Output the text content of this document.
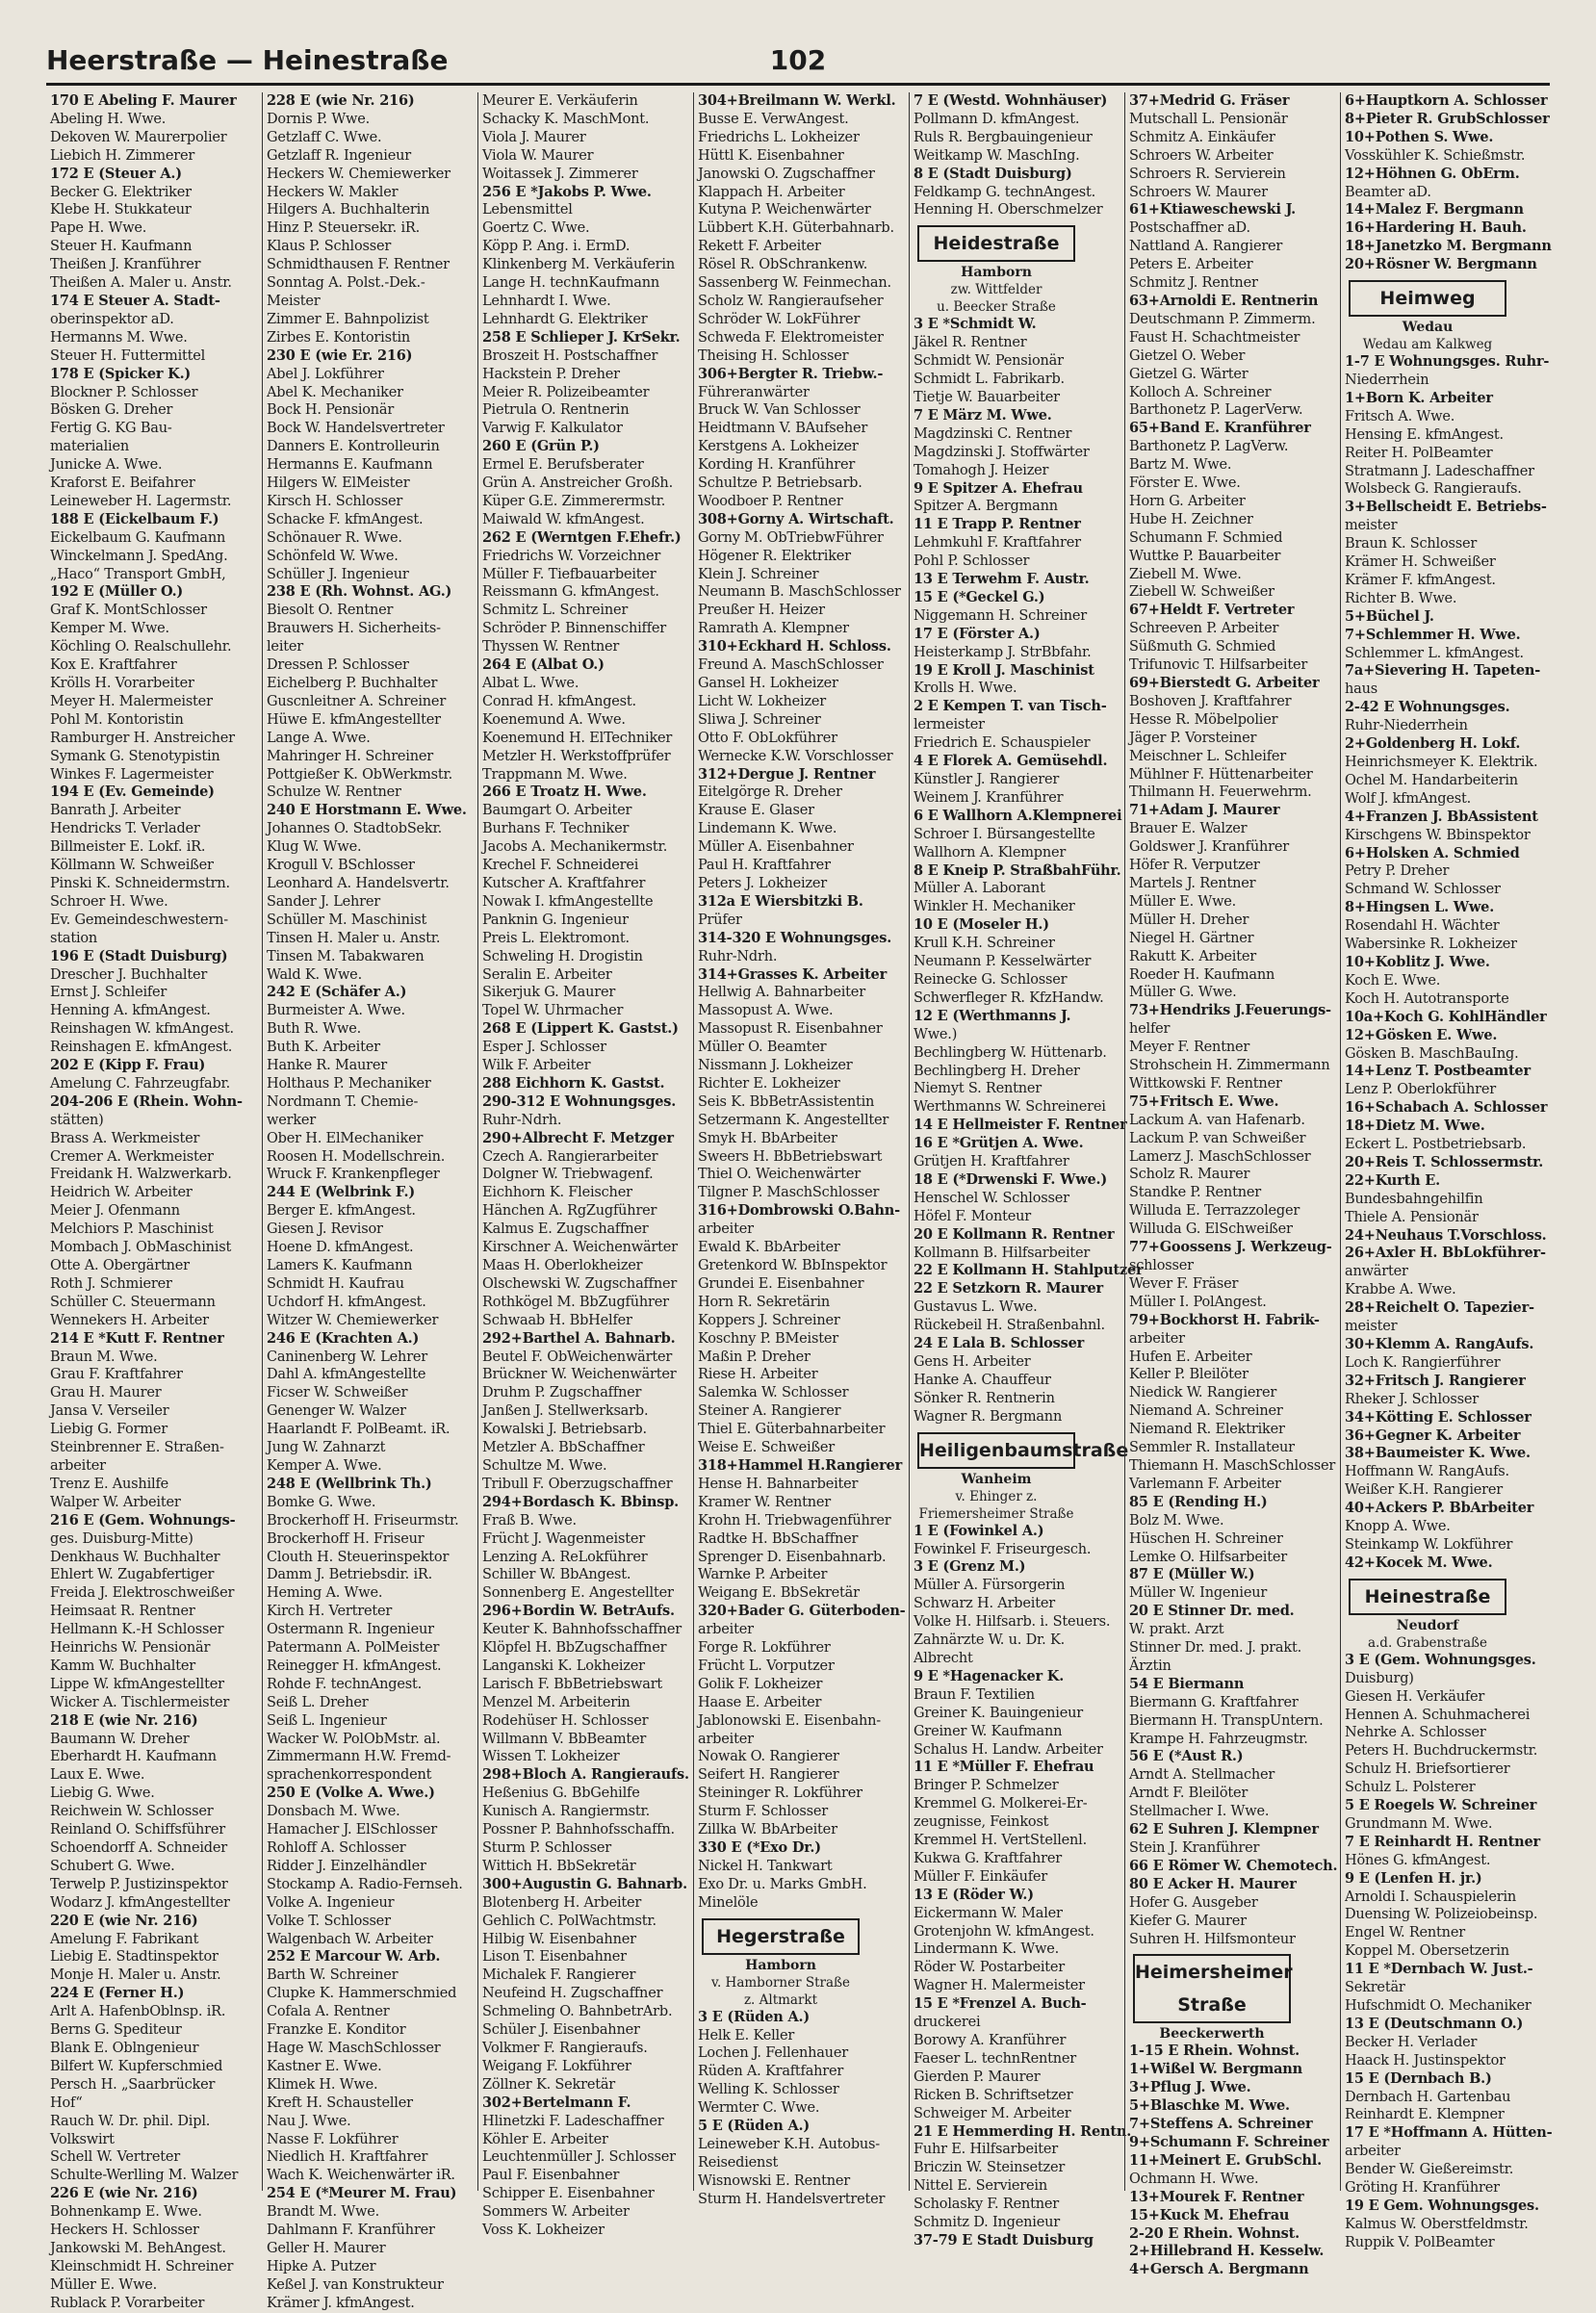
Heerstraße — Heinestraße	102
170 E Abeling F. Maurer
Abeling H. Wwe.
Dekoven W. Maurerpolier
Liebich H. Zimmerer
172 E (Steuer A.)
Becker G. Elektriker
Klebe H. Stukkateur
Pape H. Wwe.
Steuer H. Kaufmann
Theißen J. Kranführer
Theißen A. Maler u. Anstr.
174 E Steuer A. Stadt-
oberinspektor aD.
Hermanns M. Wwe.
Steuer H. Futtermittel
178 E (Spicker K.)
Blockner P. Schlosser
Bösken G. Dreher
Fertig G. KG Bau-
materialien
Junicke A. Wwe.
Kraforst E. Beifahrer
Leineweber H. Lagermstr.
188 E (Eickelbaum F.)
Eickelbaum G. Kaufmann
Winckelmann J. SpedAng.
„Haco“ Transport GmbH,
192 E (Müller O.)
Graf K. MontSchlosser
Kemper M. Wwe.
Köchling O. Realschullehr.
Kox E. Kraftfahrer
Krölls H. Vorarbeiter
Meyer H. Malermeister
Pohl M. Kontoristin
Ramburger H. Anstreicher
Symank G. Stenotypistin
Winkes F. Lagermeister
194 E (Ev. Gemeinde)
Banrath J. Arbeiter
Hendricks T. Verlader
Billmeister E. Lokf. iR.
Köllmann W. Schweißer
Pinski K. Schneidermstrn.
Schroer H. Wwe.
Ev. Gemeindeschwestern-
station
196 E (Stadt Duisburg)
Drescher J. Buchhalter
Ernst J. Schleifer
Henning A. kfmAngest.
Reinshagen W. kfmAngest.
Reinshagen E. kfmAngest.
202 E (Kipp F. Frau)
Amelung C. Fahrzeugfabr.
204-206 E (Rhein. Wohn-
stätten)
Brass A. Werkmeister
Cremer A. Werkmeister
Freidank H. Walzwerkarb.
Heidrich W. Arbeiter
Meier J. Ofenmann
Melchiors P. Maschinist
Mombach J. ObMaschinist
Otte A. Obergärtner
Roth J. Schmierer
Schüller C. Steuermann
Wennekers H. Arbeiter
214 E *Kutt F. Rentner
Braun M. Wwe.
Grau F. Kraftfahrer
Grau H. Maurer
Jansa V. Verseiler
Liebig G. Former
Steinbrenner E. Straßen-
arbeiter
Trenz E. Aushilfe
Walper W. Arbeiter
216 E (Gem. Wohnungs-
ges. Duisburg-Mitte)
Denkhaus W. Buchhalter
Ehlert W. Zugabfertiger
Freida J. Elektroschweißer
Heimsaat R. Rentner
Hellmann K.-H Schlosser
Heinrichs W. Pensionär
Kamm W. Buchhalter
Lippe W. kfmAngestellter
Wicker A. Tischlermeister
218 E (wie Nr. 216)
Baumann W. Dreher
Eberhardt H. Kaufmann
Laux E. Wwe.
Liebig G. Wwe.
Reichwein W. Schlosser
Reinland O. Schiffsführer
Schoendorff A. Schneider
Schubert G. Wwe.
Terwelp P. Justizinspektor
Wodarz J. kfmAngestellter
220 E (wie Nr. 216)
Amelung F. Fabrikant
Liebig E. Stadtinspektor
Monje H. Maler u. Anstr.
224 E (Ferner H.)
Arlt A. HafenbOblnsp. iR.
Berns G. Spediteur
Blank E. Oblngenieur
Bilfert W. Kupferschmied
Persch H. „Saarbrücker
Hof“
Rauch W. Dr. phil. Dipl.
Volkswirt
Schell W. Vertreter
Schulte-Werlling M. Walzer
226 E (wie Nr. 216)
Bohnenkamp E. Wwe.
Heckers H. Schlosser
Jankowski M. BehAngest.
Kleinschmidt H. Schreiner
Müller E. Wwe.
Rublack P. Vorarbeiter
228 E (wie Nr. 216)
Dornis P. Wwe.
Getzlaff C. Wwe.
Getzlaff R. Ingenieur
Heckers W. Chemiewerker
Heckers W. Makler
Hilgers A. Buchhalterin
Hinz P. Steuersekr. iR.
Klaus P. Schlosser
Schmidthausen F. Rentner
Sonntag A. Polst.-Dek.-
Meister
Zimmer E. Bahnpolizist
Zirbes E. Kontoristin
230 E (wie Er. 216)
Abel J. Lokführer
Abel K. Mechaniker
Bock H. Pensionär
Bock W. Handelsvertreter
Danners E. Kontrolleurin
Hermanns E. Kaufmann
Hilgers W. ElMeister
Kirsch H. Schlosser
Schacke F. kfmAngest.
Schönauer R. Wwe.
Schönfeld W. Wwe.
Schüller J. Ingenieur
238 E (Rh. Wohnst. AG.)
Biesolt O. Rentner
Brauwers H. Sicherheits-
leiter
Dressen P. Schlosser
Eichelberg P. Buchhalter
Guscnleitner A. Schreiner
Hüwe E. kfmAngestellter
Lange A. Wwe.
Mahringer H. Schreiner
Pottgießer K. ObWerkmstr.
Schulze W. Rentner
240 E Horstmann E. Wwe.
Johannes O. StadtobSekr.
Klug W. Wwe.
Krogull V. BSchlosser
Leonhard A. Handelsvertr.
Sander J. Lehrer
Schüller M. Maschinist
Tinsen H. Maler u. Anstr.
Tinsen M. Tabakwaren
Wald K. Wwe.
242 E (Schäfer A.)
Burmeister A. Wwe.
Buth R. Wwe.
Buth K. Arbeiter
Hanke R. Maurer
Holthaus P. Mechaniker
Nordmann T. Chemie-
werker
Ober H. ElMechaniker
Roosen H. Modellschrein.
Wruck F. Krankenpfleger
244 E (Welbrink F.)
Berger E. kfmAngest.
Giesen J. Revisor
Hoene D. kfmAngest.
Lamers K. Kaufmann
Schmidt H. Kaufrau
Uchdorf H. kfmAngest.
Witzer W. Chemiewerker
246 E (Krachten A.)
Caninenberg W. Lehrer
Dahl A. kfmAngestellte
Ficser W. Schweißer
Genenger W. Walzer
Haarlandt F. PolBeamt. iR.
Jung W. Zahnarzt
Kemper A. Wwe.
248 E (Wellbrink Th.)
Bomke G. Wwe.
Brockerhoff H. Friseurmstr.
Brockerhoff H. Friseur
Clouth H. Steuerinspektor
Damm J. Betriebsdir. iR.
Heming A. Wwe.
Kirch H. Vertreter
Ostermann R. Ingenieur
Patermann A. PolMeister
Reinegger H. kfmAngest.
Rohde F. technAngest.
Seiß L. Dreher
Seiß L. Ingenieur
Wacker W. PolObMstr. al.
Zimmermann H.W. Fremd-
sprachenkorrespondent
250 E (Volke A. Wwe.)
Donsbach M. Wwe.
Hamacher J. ElSchlosser
Rohloff A. Schlosser
Ridder J. Einzelhändler
Stockamp A. Radio-Fernseh.
Volke A. Ingenieur
Volke T. Schlosser
Walgenbach W. Arbeiter
252 E Marcour W. Arb.
Barth W. Schreiner
Clupke K. Hammerschmied
Cofala A. Rentner
Franzke E. Konditor
Hage W. MaschSchlosser
Kastner E. Wwe.
Klimek H. Wwe.
Kreft H. Schausteller
Nau J. Wwe.
Nasse F. Lokführer
Niedlich H. Kraftfahrer
Wach K. Weichenwärter iR.
254 E (*Meurer M. Frau)
Brandt M. Wwe.
Dahlmann F. Kranführer
Geller H. Maurer
Hipke A. Putzer
Keßel J. van Konstrukteur
Krämer J. kfmAngest.
Meurer E. Verkäuferin
Schacky K. MaschMont.
Viola J. Maurer
Viola W. Maurer
Woitassek J. Zimmerer
256 E *Jakobs P. Wwe.
Lebensmittel
Goertz C. Wwe.
Köpp P. Ang. i. ErmD.
Klinkenberg M. Verkäuferin
Lange H. technKaufmann
Lehnhardt I. Wwe.
Lehnhardt G. Elektriker
258 E Schlieper J. KrSekr.
Broszeit H. Postschaffner
Hackstein P. Dreher
Meier R. Polizeibeamter
Pietrula O. Rentnerin
Varwig F. Kalkulator
260 E (Grün P.)
Ermel E. Berufsberater
Grün A. Anstreicher Großh.
Küper G.E. Zimmerermstr.
Maiwald W. kfmAngest.
262 E (Werntgen F.Ehefr.)
Friedrichs W. Vorzeichner
Müller F. Tiefbauarbeiter
Reissmann G. kfmAngest.
Schmitz L. Schreiner
Schröder P. Binnenschiffer
Thyssen W. Rentner
264 E (Albat O.)
Albat L. Wwe.
Conrad H. kfmAngest.
Koenemund A. Wwe.
Koenemund H. ElTechniker
Metzler H. Werkstoffprüfer
Trappmann M. Wwe.
266 E Troatz H. Wwe.
Baumgart O. Arbeiter
Burhans F. Techniker
Jacobs A. Mechanikermstr.
Krechel F. Schneiderei
Kutscher A. Kraftfahrer
Nowak I. kfmAngestellte
Panknin G. Ingenieur
Preis L. Elektromont.
Schweling H. Drogistin
Seralin E. Arbeiter
Sikerjuk G. Maurer
Topel W. Uhrmacher
268 E (Lippert K. Gastst.)
Esper J. Schlosser
Wilk F. Arbeiter
288 Eichhorn K. Gastst.
290-312 E Wohnungsges.
Ruhr-Ndrh.
290+Albrecht F. Metzger
Czech A. Rangierarbeiter
Dolgner W. Triebwagenf.
Eichhorn K. Fleischer
Hänchen A. RgZugführer
Kalmus E. Zugschaffner
Kirschner A. Weichenwärter
Maas H. Oberlokheizer
Olschewski W. Zugschaffner
Rothkögel M. BbZugführer
Schwaab H. BbHelfer
292+Barthel A. Bahnarb.
Beutel F. ObWeichenwärter
Brückner W. Weichenwärter
Druhm P. Zugschaffner
Janßen J. Stellwerksarb.
Kowalski J. Betriebsarb.
Metzler A. BbSchaffner
Schultze M. Wwe.
Tribull F. Oberzugschaffner
294+Bordasch K. Bbinsp.
Fraß B. Wwe.
Frücht J. Wagenmeister
Lenzing A. ReLokführer
Schiller W. BbAngest.
Sonnenberg E. Angestellter
296+Bordin W. BetrAufs.
Keuter K. Bahnhofsschaffner
Klöpfel H. BbZugschaffner
Langanski K. Lokheizer
Larisch F. BbBetriebswart
Menzel M. Arbeiterin
Rodehüser H. Schlosser
Willmann V. BbBeamter
Wissen T. Lokheizer
298+Bloch A. Rangieraufs.
Heßenius G. BbGehilfe
Kunisch A. Rangiermstr.
Possner P. Bahnhofsschaffn.
Sturm P. Schlosser
Wittich H. BbSekretär
300+Augustin G. Bahnarb.
Blotenberg H. Arbeiter
Gehlich C. PolWachtmstr.
Hilbig W. Eisenbahner
Lison T. Eisenbahner
Michalek F. Rangierer
Neufeind H. Zugschaffner
Schmeling O. BahnbetrArb.
Schüler J. Eisenbahner
Volkmer F. Rangieraufs.
Weigang F. Lokführer
Zöllner K. Sekretär
302+Bertelmann F.
Hlinetzki F. Ladeschaffner
Köhler E. Arbeiter
Leuchtenmüller J. Schlosser
Paul F. Eisenbahner
Schipper E. Eisenbahner
Sommers W. Arbeiter
Voss K. Lokheizer
304+Breilmann W. Werkl.
Busse E. VerwAngest.
Friedrichs L. Lokheizer
Hüttl K. Eisenbahner
Janowski O. Zugschaffner
Klappach H. Arbeiter
Kutyna P. Weichenwärter
Lübbert K.H. Güterbahnarb.
Rekett F. Arbeiter
Rösel R. ObSchrankenw.
Sassenberg W. Feinmechan.
Scholz W. Rangieraufseher
Schröder W. LokFührer
Schweda F. Elektromeister
Theising H. Schlosser
306+Bergter R. Triebw.-
Führeranwärter
Bruck W. Van Schlosser
Heidtmann V. BAufseher
Kerstgens A. Lokheizer
Kording H. Kranführer
Schultze P. Betriebsarb.
Woodboer P. Rentner
308+Gorny A. Wirtschaft.
Gorny M. ObTriebwFührer
Högener R. Elektriker
Klein J. Schreiner
Neumann B. MaschSchlosser
Preußer H. Heizer
Ramrath A. Klempner
310+Eckhard H. Schloss.
Freund A. MaschSchlosser
Gansel H. Lokheizer
Licht W. Lokheizer
Sliwa J. Schreiner
Otto F. ObLokführer
Wernecke K.W. Vorschlosser
312+Dergue J. Rentner
Eitelgörge R. Dreher
Krause E. Glaser
Lindemann K. Wwe.
Müller A. Eisenbahner
Paul H. Kraftfahrer
Peters J. Lokheizer
312a E Wiersbitzki B.
Prüfer
314-320 E Wohnungsges.
Ruhr-Ndrh.
314+Grasses K. Arbeiter
Hellwig A. Bahnarbeiter
Massopust A. Wwe.
Massopust R. Eisenbahner
Müller O. Beamter
Nissmann J. Lokheizer
Richter E. Lokheizer
Seis K. BbBetrAssistentin
Setzermann K. Angestellter
Smyk H. BbArbeiter
Sweers H. BbBetriebswart
Thiel O. Weichenwärter
Tilgner P. MaschSchlosser
316+Dombrowski O.Bahn-
arbeiter
Ewald K. BbArbeiter
Gretenkord W. BbInspektor
Grundei E. Eisenbahner
Horn R. Sekretärin
Koppers J. Schreiner
Koschny P. BMeister
Maßin P. Dreher
Riese H. Arbeiter
Salemka W. Schlosser
Steiner A. Rangierer
Thiel E. Güterbahnarbeiter
Weise E. Schweißer
318+Hammel H.Rangierer
Hense H. Bahnarbeiter
Kramer W. Rentner
Krohn H. Triebwagenführer
Radtke H. BbSchaffner
Sprenger D. Eisenbahnarb.
Warnke P. Arbeiter
Weigang E. BbSekretär
320+Bader G. Güterboden-
arbeiter
Forge R. Lokführer
Frücht L. Vorputzer
Golik F. Lokheizer
Haase E. Arbeiter
Jablonowski E. Eisenbahn-
arbeiter
Nowak O. Rangierer
Seifert H. Rangierer
Steininger R. Lokführer
Sturm F. Schlosser
Zillka W. BbArbeiter
330 E (*Exo Dr.)
Nickel H. Tankwart
Exo Dr. u. Marks GmbH.
Minelöle
Hegerstraße
Hamborn
v. Hamborner Straße
z. Altmarkt
3 E (Rüden A.)
Helk E. Keller
Lochen J. Fellenhauer
Rüden A. Kraftfahrer
Welling K. Schlosser
Wermter C. Wwe.
5 E (Rüden A.)
Leineweber K.H. Autobus-
Reisedienst
Wisnowski E. Rentner
Sturm H. Handelsvertreter
7 E (Westd. Wohnhäuser)
Pollmann D. kfmAngest.
Ruls R. Bergbauingenieur
Weitkamp W. MaschIng.
8 E (Stadt Duisburg)
Feldkamp G. technAngest.
Henning H. Oberschmelzer
Heidestraße
Hamborn
zw. Wittfelder
u. Beecker Straße
3 E *Schmidt W.
Jäkel R. Rentner
Schmidt W. Pensionär
Schmidt L. Fabrikarb.
Tietje W. Bauarbeiter
7 E März M. Wwe.
Magdzinski C. Rentner
Magdzinski J. Stoffwärter
Tomahogh J. Heizer
9 E Spitzer A. Ehefrau
Spitzer A. Bergmann
11 E Trapp P. Rentner
Lehmkuhl F. Kraftfahrer
Pohl P. Schlosser
13 E Terwehm F. Austr.
15 E (*Geckel G.)
Niggemann H. Schreiner
17 E (Förster A.)
Heisterkamp J. StrBbfahr.
19 E Kroll J. Maschinist
Krolls H. Wwe.
2 E Kempen T. van Tisch-
lermeister
Friedrich E. Schauspieler
4 E Florek A. Gemüsehdl.
Künstler J. Rangierer
Weinem J. Kranführer
6 E Wallhorn A.Klempnerei
Schroer I. Bürsangestellte
Wallhorn A. Klempner
8 E Kneip P. StraßbahFühr.
Müller A. Laborant
Winkler H. Mechaniker
10 E (Moseler H.)
Krull K.H. Schreiner
Neumann P. Kesselwärter
Reinecke G. Schlosser
Schwerfleger R. KfzHandw.
12 E (Werthmanns J.
Wwe.)
Bechlingberg W. Hüttenarb.
Bechlingberg H. Dreher
Niemyt S. Rentner
Werthmanns W. Schreinerei
14 E Hellmeister F. Rentner
16 E *Grütjen A. Wwe.
Grütjen H. Kraftfahrer
18 E (*Drwenski F. Wwe.)
Henschel W. Schlosser
Höfel F. Monteur
20 E Kollmann R. Rentner
Kollmann B. Hilfsarbeiter
22 E Kollmann H. Stahlputzer
22 E Setzkorn R. Maurer
Gustavus L. Wwe.
Rückebeil H. Straßenbahnl.
24 E Lala B. Schlosser
Gens H. Arbeiter
Hanke A. Chauffeur
Sönker R. Rentnerin
Wagner R. Bergmann
Heiligenbaumstraße
Wanheim
v. Ehinger z.
Friemersheimer Straße
1 E (Fowinkel A.)
Fowinkel F. Friseurgesch.
3 E (Grenz M.)
Müller A. Fürsorgerin
Schwarz H. Arbeiter
Volke H. Hilfsarb. i. Steuers.
Zahnärzte W. u. Dr. K.
Albrecht
9 E *Hagenacker K.
Braun F. Textilien
Greiner K. Bauingenieur
Greiner W. Kaufmann
Schalus H. Landw. Arbeiter
11 E *Müller F. Ehefrau
Bringer P. Schmelzer
Kremmel G. Molkerei-Er-
zeugnisse, Feinkost
Kremmel H. VertStellenl.
Kukwa G. Kraftfahrer
Müller F. Einkäufer
13 E (Röder W.)
Eickermann W. Maler
Grotenjohn W. kfmAngest.
Lindermann K. Wwe.
Röder W. Postarbeiter
Wagner H. Malermeister
15 E *Frenzel A. Buch-
druckerei
Borowy A. Kranführer
Faeser L. technRentner
Gierden P. Maurer
Ricken B. Schriftsetzer
Schweiger M. Arbeiter
21 E Hemmerding H. Rentn.
Fuhr E. Hilfsarbeiter
Briczin W. Steinsetzer
Nittel E. Servierein
Scholasky F. Rentner
Schmitz D. Ingenieur
37-79 E Stadt Duisburg
37+Medrid G. Fräser
Mutschall L. Pensionär
Schmitz A. Einkäufer
Schroers W. Arbeiter
Schroers R. Servierein
Schroers W. Maurer
61+Ktiaweschewski J.
Postschaffner aD.
Nattland A. Rangierer
Peters E. Arbeiter
Schmitz J. Rentner
63+Arnoldi E. Rentnerin
Deutschmann P. Zimmerm.
Faust H. Schachtmeister
Gietzel O. Weber
Gietzel G. Wärter
Kolloch A. Schreiner
Barthonetz P. LagerVerw.
65+Band E. Kranführer
Barthonetz P. LagVerw.
Bartz M. Wwe.
Förster E. Wwe.
Horn G. Arbeiter
Hube H. Zeichner
Schumann F. Schmied
Wuttke P. Bauarbeiter
Ziebell M. Wwe.
Ziebell W. Schweißer
67+Heldt F. Vertreter
Schreeven P. Arbeiter
Süßmuth G. Schmied
Trifunovic T. Hilfsarbeiter
69+Bierstedt G. Arbeiter
Boshoven J. Kraftfahrer
Hesse R. Möbelpolier
Jäger P. Vorsteiner
Meischner L. Schleifer
Mühlner F. Hüttenarbeiter
Thilmann H. Feuerwehrm.
71+Adam J. Maurer
Brauer E. Walzer
Goldswer J. Kranführer
Höfer R. Verputzer
Martels J. Rentner
Müller E. Wwe.
Müller H. Dreher
Niegel H. Gärtner
Rakutt K. Arbeiter
Roeder H. Kaufmann
Müller G. Wwe.
73+Hendriks J.Feuerungs-
helfer
Meyer F. Rentner
Strohschein H. Zimmermann
Wittkowski F. Rentner
75+Fritsch E. Wwe.
Lackum A. van Hafenarb.
Lackum P. van Schweißer
Lamerz J. MaschSchlosser
Scholz R. Maurer
Standke P. Rentner
Willuda E. Terrazzoleger
Willuda G. ElSchweißer
77+Goossens J. Werkzeug-
schlosser
Wever F. Fräser
Müller I. PolAngest.
79+Bockhorst H. Fabrik-
arbeiter
Hufen E. Arbeiter
Keller P. Bleilöter
Niedick W. Rangierer
Niemand A. Schreiner
Niemand R. Elektriker
Semmler R. Installateur
Thiemann H. MaschSchlosser
Varlemann F. Arbeiter
85 E (Rending H.)
Bolz M. Wwe.
Hüschen H. Schreiner
Lemke O. Hilfsarbeiter
87 E (Müller W.)
Müller W. Ingenieur
20 E Stinner Dr. med.
W. prakt. Arzt
Stinner Dr. med. J. prakt.
Ärztin
54 E Biermann
Biermann G. Kraftfahrer
Biermann H. TranspUntern.
Krampe H. Fahrzeugmstr.
56 E (*Aust R.)
Arndt A. Stellmacher
Arndt F. Bleilöter
Stellmacher I. Wwe.
62 E Suhren J. Klempner
Stein J. Kranführer
66 E Römer W. Chemotech.
80 E Acker H. Maurer
Hofer G. Ausgeber
Kiefer G. Maurer
Suhren H. Hilfsmonteur
Heimersheimer Straße
Beeckerwerth
1-15 E Rhein. Wohnst.
1+Wißel W. Bergmann
3+Pflug J. Wwe.
5+Blaschke M. Wwe.
7+Steffens A. Schreiner
9+Schumann F. Schreiner
11+Meinert E. GrubSchl.
Ochmann H. Wwe.
13+Mourek F. Rentner
15+Kuck M. Ehefrau
2-20 E Rhein. Wohnst.
2+Hillebrand H. Kesselw.
4+Gersch A. Bergmann
6+Hauptkorn A. Schlosser
8+Pieter R. GrubSchlosser
10+Pothen S. Wwe.
Vosskühler K. Schießmstr.
12+Höhnen G. ObErm.
Beamter aD.
14+Malez F. Bergmann
16+Hardering H. Bauh.
18+Janetzko M. Bergmann
20+Rösner W. Bergmann
Heimweg
Wedau
Wedau am Kalkweg
1-7 E Wohnungsges. Ruhr-
Niederrhein
1+Born K. Arbeiter
Fritsch A. Wwe.
Hensing E. kfmAngest.
Reiter H. PolBeamter
Stratmann J. Ladeschaffner
Wolsbeck G. Rangieraufs.
3+Bellscheidt E. Betriebs-
meister
Braun K. Schlosser
Krämer H. Schweißer
Krämer F. kfmAngest.
Richter B. Wwe.
5+Büchel J.
7+Schlemmer H. Wwe.
Schlemmer L. kfmAngest.
7a+Sievering H. Tapeten-
haus
2-42 E Wohnungsges.
Ruhr-Niederrhein
2+Goldenberg H. Lokf.
Heinrichsmeyer K. Elektrik.
Ochel M. Handarbeiterin
Wolf J. kfmAngest.
4+Franzen J. BbAssistent
Kirschgens W. Bbinspektor
6+Holsken A. Schmied
Petry P. Dreher
Schmand W. Schlosser
8+Hingsen L. Wwe.
Rosendahl H. Wächter
Wabersinke R. Lokheizer
10+Koblitz J. Wwe.
Koch E. Wwe.
Koch H. Autotransporte
10a+Koch G. KohlHändler
12+Gösken E. Wwe.
Gösken B. MaschBauIng.
14+Lenz T. Postbeamter
Lenz P. Oberlokführer
16+Schabach A. Schlosser
18+Dietz M. Wwe.
Eckert L. Postbetriebsarb.
20+Reis T. Schlossermstr.
22+Kurth E.
Bundesbahngehilfin
Thiele A. Pensionär
24+Neuhaus T.Vorschloss.
26+Axler H. BbLokführer-
anwärter
Krabbe A. Wwe.
28+Reichelt O. Tapezier-
meister
30+Klemm A. RangAufs.
Loch K. Rangierführer
32+Fritsch J. Rangierer
Rheker J. Schlosser
34+Kötting E. Schlosser
36+Gegner K. Arbeiter
38+Baumeister K. Wwe.
Hoffmann W. RangAufs.
Weißer K.H. Rangierer
40+Ackers P. BbArbeiter
Knopp A. Wwe.
Steinkamp W. Lokführer
42+Kocek M. Wwe.
Heinestraße
Neudorf
a.d. Grabenstraße
3 E (Gem. Wohnungsges.
Duisburg)
Giesen H. Verkäufer
Hennen A. Schuhmacherei
Nehrke A. Schlosser
Peters H. Buchdruckermstr.
Schulz H. Briefsortierer
Schulz L. Polsterer
5 E Roegels W. Schreiner
Grundmann M. Wwe.
7 E Reinhardt H. Rentner
Hönes G. kfmAngest.
9 E (Lenfen H. jr.)
Arnoldi I. Schauspielerin
Duensing W. Polizeiobeinsp.
Engel W. Rentner
Koppel M. Obersetzerin
11 E *Dernbach W. Just.-
Sekretär
Hufschmidt O. Mechaniker
13 E (Deutschmann O.)
Becker H. Verlader
Haack H. Justinspektor
15 E (Dernbach B.)
Dernbach H. Gartenbau
Reinhardt E. Klempner
17 E *Hoffmann A. Hütten-
arbeiter
Bender W. Gießereimstr.
Gröting H. Kranführer
19 E Gem. Wohnungsges.
Kalmus W. Oberstfeldmstr.
Ruppik V. PolBeamter
